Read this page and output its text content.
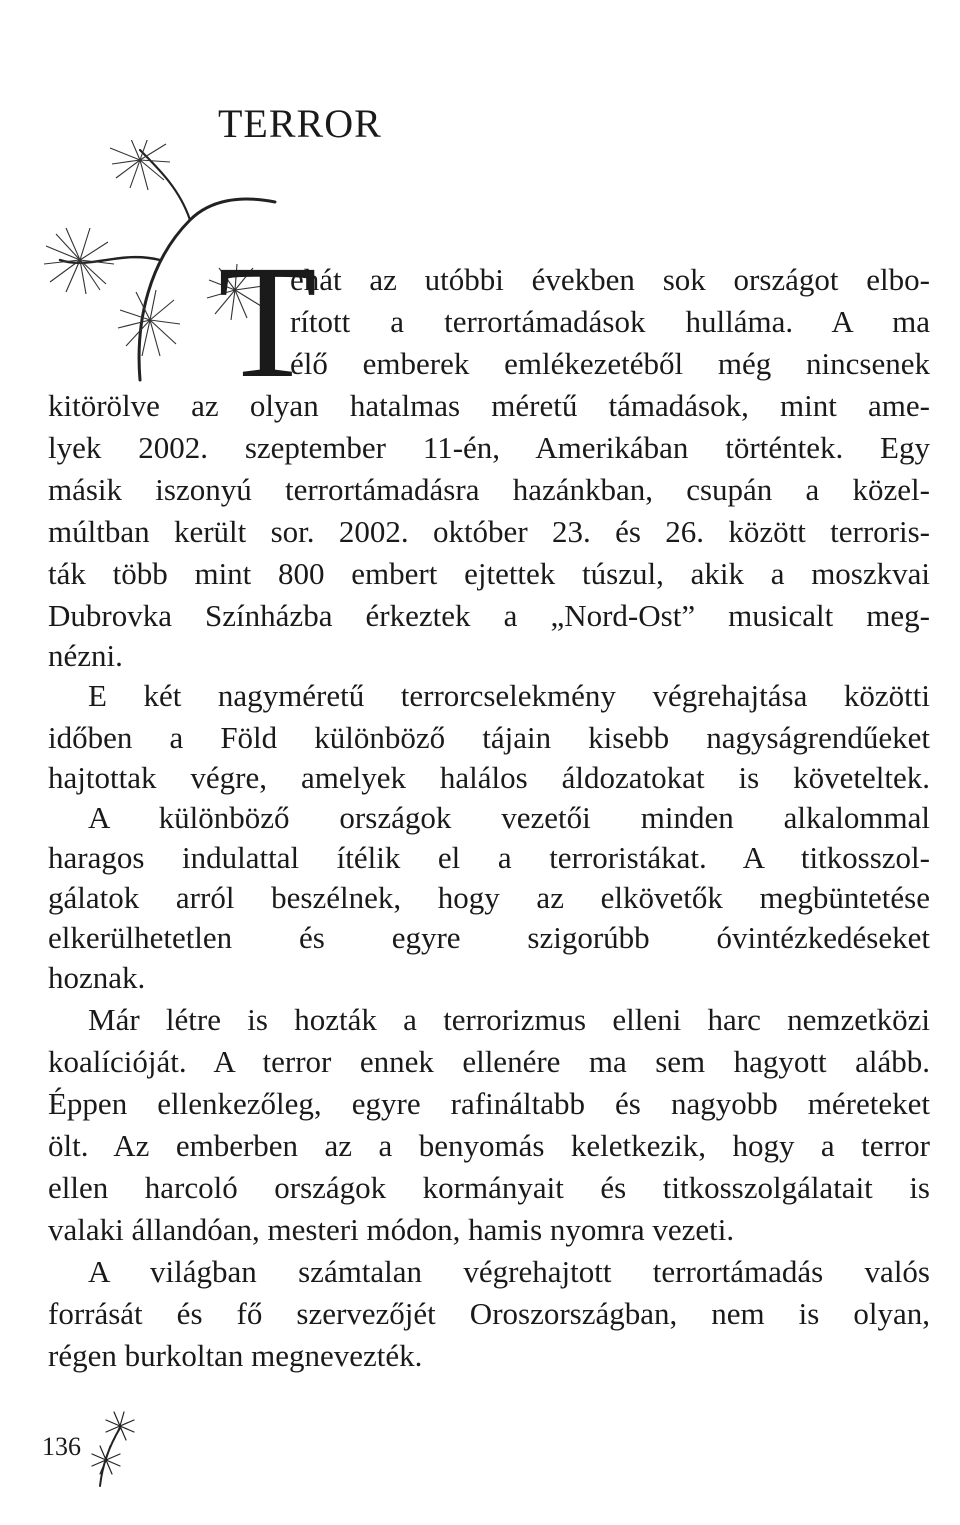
TERROR
T
ehát az utóbbi években sok országot elbo-
rított a terrortámadások hulláma. A ma
élő emberek emlékezetéből még nincsenek
kitörölve az olyan hatalmas méretű támadások, mint ame-
lyek 2002. szeptember 11-én, Amerikában történtek. Egy
másik iszonyú terrortámadásra hazánkban, csupán a közel-
múltban került sor. 2002. október 23. és 26. között terroris-
ták több mint 800 embert ejtettek túszul, akik a moszkvai
Dubrovka Színházba érkeztek a „Nord-Ost” musicalt meg-
nézni.
E két nagyméretű terrorcselekmény végrehajtása közötti
időben a Föld különböző tájain kisebb nagyságrendűeket
hajtottak végre, amelyek halálos áldozatokat is követeltek.
A különböző országok vezetői minden alkalommal
haragos indulattal ítélik el a terroristákat. A titkosszol-
gálatok arról beszélnek, hogy az elkövetők megbüntetése
elkerülhetetlen és egyre szigorúbb óvintézkedéseket
hoznak.
Már létre is hozták a terrorizmus elleni harc nemzetközi
koalícióját. A terror ennek ellenére ma sem hagyott alább.
Éppen ellenkezőleg, egyre rafináltabb és nagyobb méreteket
ölt. Az emberben az a benyomás keletkezik, hogy a terror
ellen harcoló országok kormányait és titkosszolgálatait is
valaki állandóan, mesteri módon, hamis nyomra vezeti.
A világban számtalan végrehajtott terrortámadás valós
forrását és fő szervezőjét Oroszországban, nem is olyan,
régen burkoltan megnevezték.
136
